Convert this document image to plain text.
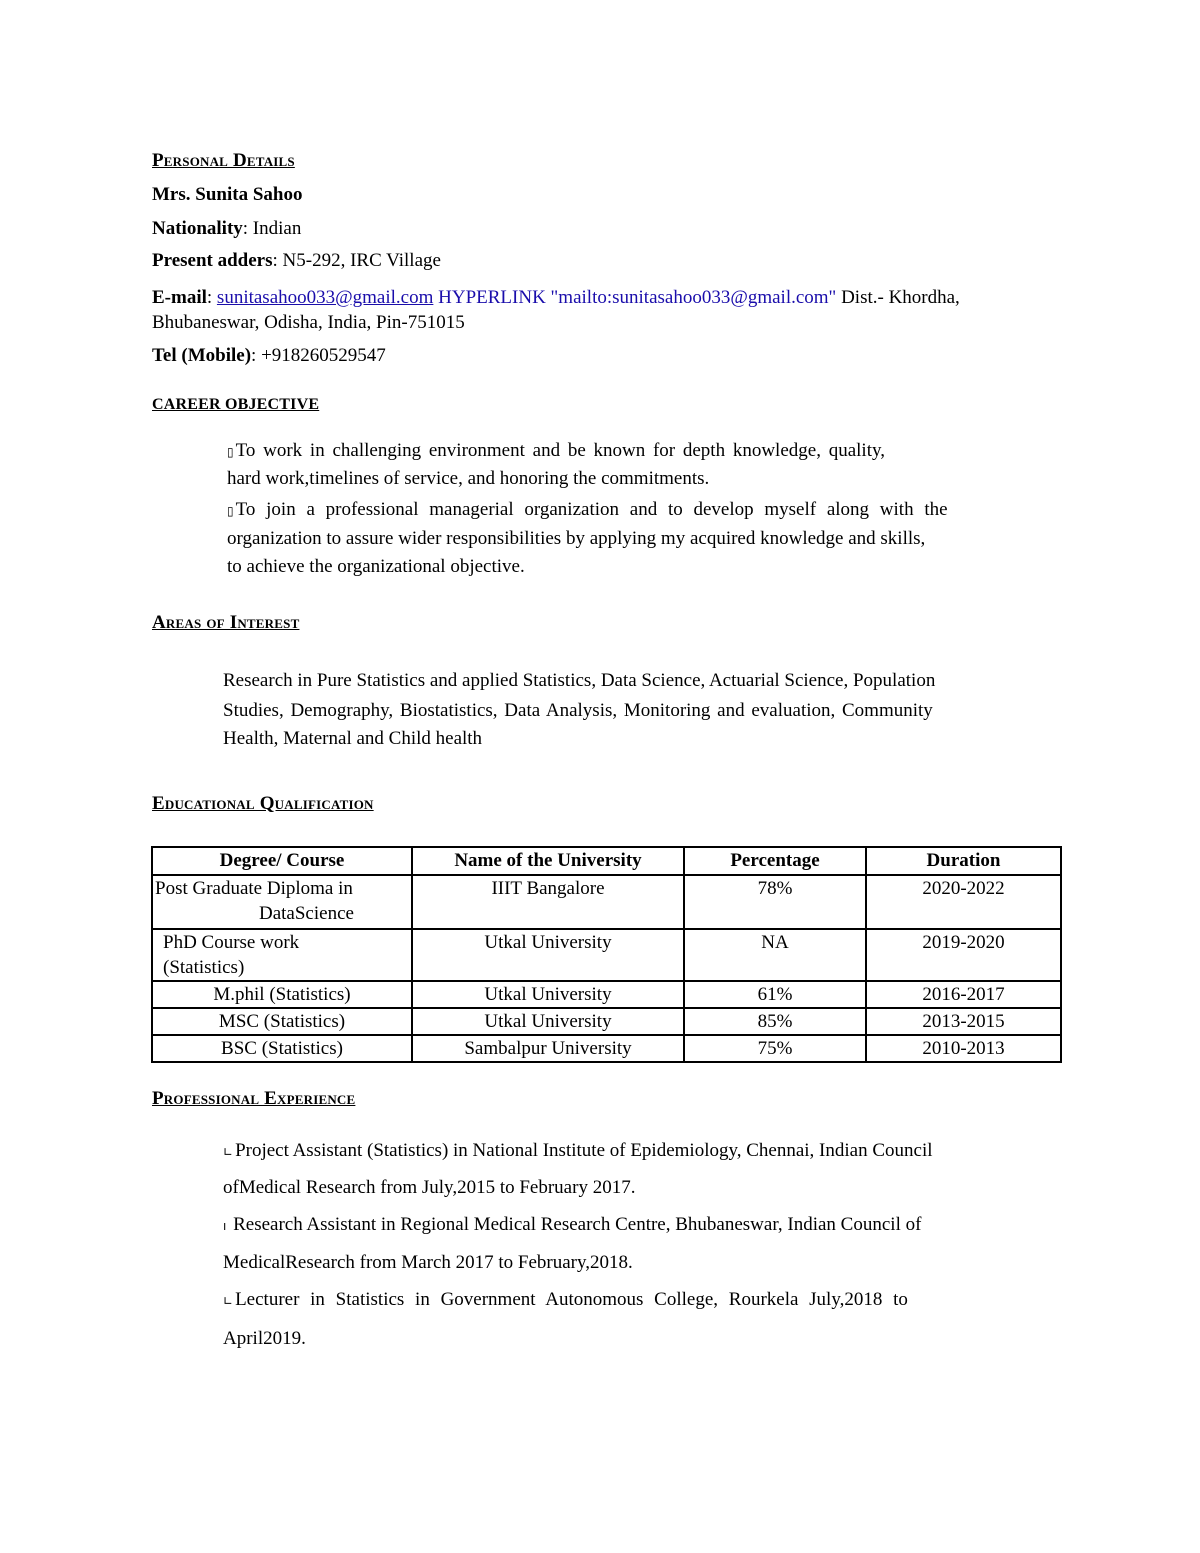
Personal Details
Mrs. Sunita Sahoo
Nationality: Indian
Present adders: N5-292, IRC Village
E-mail: sunitasahoo033@gmail.com HYPERLINK "mailto:sunitasahoo033@gmail.com" Dist.- Khordha,
Bhubaneswar, Odisha, India, Pin-751015
Tel (Mobile): +918260529547
CAREER OBJECTIVE
▯ To work in challenging environment and be known for depth knowledge, quality,
hard work,timelines of service, and honoring the commitments.
▯ To join a professional managerial organization and to develop myself along with the
organization to assure wider responsibilities by applying my acquired knowledge and skills,
to achieve the organizational objective.
Areas of Interest
Research in Pure Statistics and applied Statistics, Data Science, Actuarial Science, Population
Studies, Demography, Biostatistics, Data Analysis, Monitoring and evaluation, Community
Health, Maternal and Child health
Educational Qualification
Degree/ Course	Name of the University	Percentage	Duration

Post Graduate Diploma in
DataScience	IIIT Bangalore	78%	2020-2022

PhD Course work
(Statistics)	Utkal University	NA	2019-2020
M.phil (Statistics)	Utkal University	61%	2016-2017
MSC (Statistics)	Utkal University	85%	2013-2015
BSC (Statistics)	Sambalpur University	75%	2010-2013
Professional Experience
∟ Project Assistant (Statistics) in National Institute of Epidemiology, Chennai, Indian Council
ofMedical Research from July,2015 to February 2017.
ı Research Assistant in Regional Medical Research Centre, Bhubaneswar, Indian Council of
MedicalResearch from March 2017 to February,2018.
∟ Lecturer in Statistics in Government Autonomous College, Rourkela July,2018 to
April2019.
